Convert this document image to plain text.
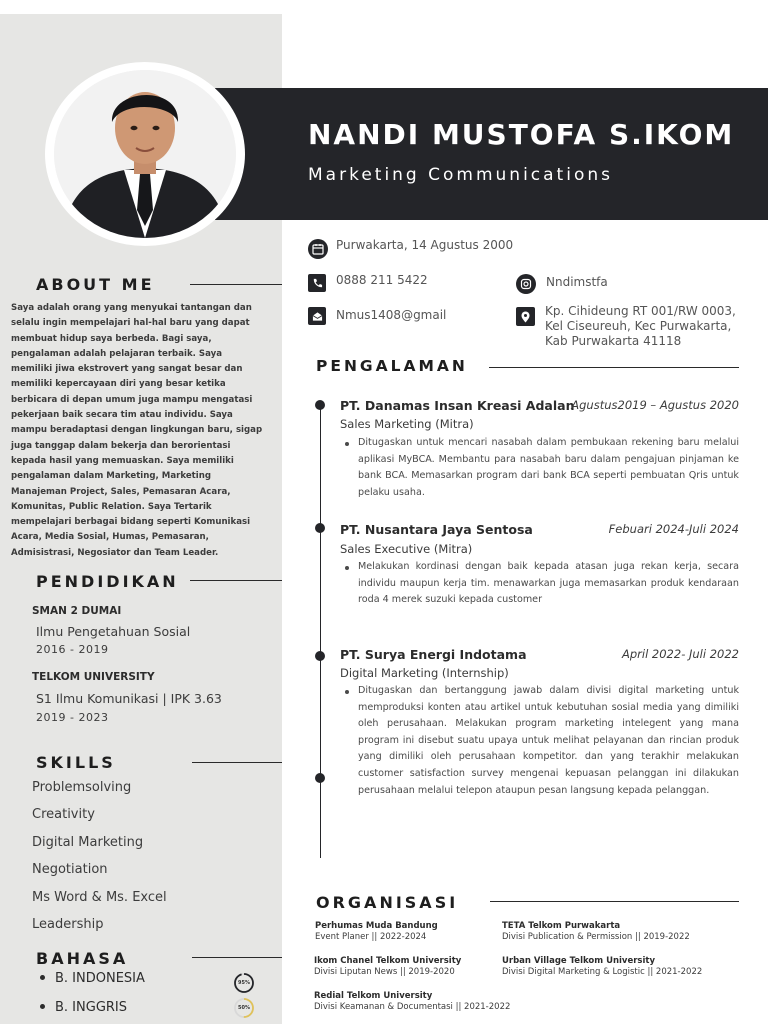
NANDI MUSTOFA S.IKOM
Marketing Communications
ABOUT ME
Saya adalah orang yang menyukai tantangan dan selalu ingin mempelajari hal-hal baru yang dapat membuat hidup saya berbeda. Bagi saya, pengalaman adalah pelajaran terbaik. Saya memiliki jiwa ekstrovert yang sangat besar dan memiliki kepercayaan diri yang besar ketika berbicara di depan umum juga mampu mengatasi pekerjaan baik secara tim atau individu. Saya mampu beradaptasi dengan lingkungan baru, sigap juga tanggap dalam bekerja dan berorientasi kepada hasil yang memuaskan. Saya memiliki pengalaman dalam Marketing, Marketing Manajeman Project, Sales, Pemasaran Acara, Komunitas, Public Relation. Saya Tertarik mempelajari berbagai bidang seperti Komunikasi Acara, Media Sosial, Humas, Pemasaran, Admisistrasi, Negosiator dan Team Leader.
PENDIDIKAN
SMAN 2 DUMAI
Ilmu Pengetahuan Sosial
2016 - 2019
TELKOM UNIVERSITY
S1 Ilmu Komunikasi | IPK 3.63
2019 - 2023
SKILLS
Problemsolving
Creativity
Digital Marketing
Negotiation
Ms Word & Ms. Excel
Leadership
BAHASA
B. INDONESIA	95%
B. INGGRIS	50%
Purwakarta, 14 Agustus 2000
0888 211 5422	Nndimstfa
Nmus1408@gmail	Kp. Cihideung RT 001/RW 0003,
Kel Ciseureuh, Kec Purwakarta,
Kab Purwakarta 41118
PENGALAMAN
PT. Danamas Insan Kreasi Adalan
Agustus2019 – Agustus 2020
Sales Marketing (Mitra)
Ditugaskan untuk mencari nasabah dalam pembukaan rekening baru melalui aplikasi MyBCA. Membantu para nasabah baru dalam pengajuan pinjaman ke bank BCA. Memasarkan program dari bank BCA seperti pembuatan Qris untuk pelaku usaha.
PT. Nusantara Jaya Sentosa	Febuari 2024-Juli 2024
Sales Executive (Mitra)
Melakukan kordinasi dengan baik kepada atasan juga rekan kerja, secara individu maupun kerja tim. menawarkan juga memasarkan produk kendaraan roda 4 merek suzuki kepada customer
PT. Surya Energi Indotama	April 2022- Juli 2022
Digital Marketing (Internship)
Ditugaskan dan bertanggung jawab dalam divisi digital marketing untuk memproduksi konten atau artikel untuk kebutuhan sosial media yang dimiliki oleh perusahaan. Melakukan program marketing intelegent yang mana program ini disebut suatu upaya untuk melihat pelayanan dan rincian produk yang dimiliki oleh perusahaan kompetitor. dan yang terakhir melakukan customer satisfaction survey mengenai kepuasan pelanggan ini dilakukan perusahaan melalui telepon ataupun pesan langsung kepada pelanggan.
ORGANISASI
Perhumas Muda Bandung
Event Planer || 2022-2024
TETA Telkom Purwakarta
Divisi Publication & Permission || 2019-2022
Ikom Chanel Telkom University
Divisi Liputan News || 2019-2020
Urban Village Telkom University
Divisi Digital Marketing & Logistic || 2021-2022
Redial Telkom University
Divisi Keamanan & Documentasi || 2021-2022
